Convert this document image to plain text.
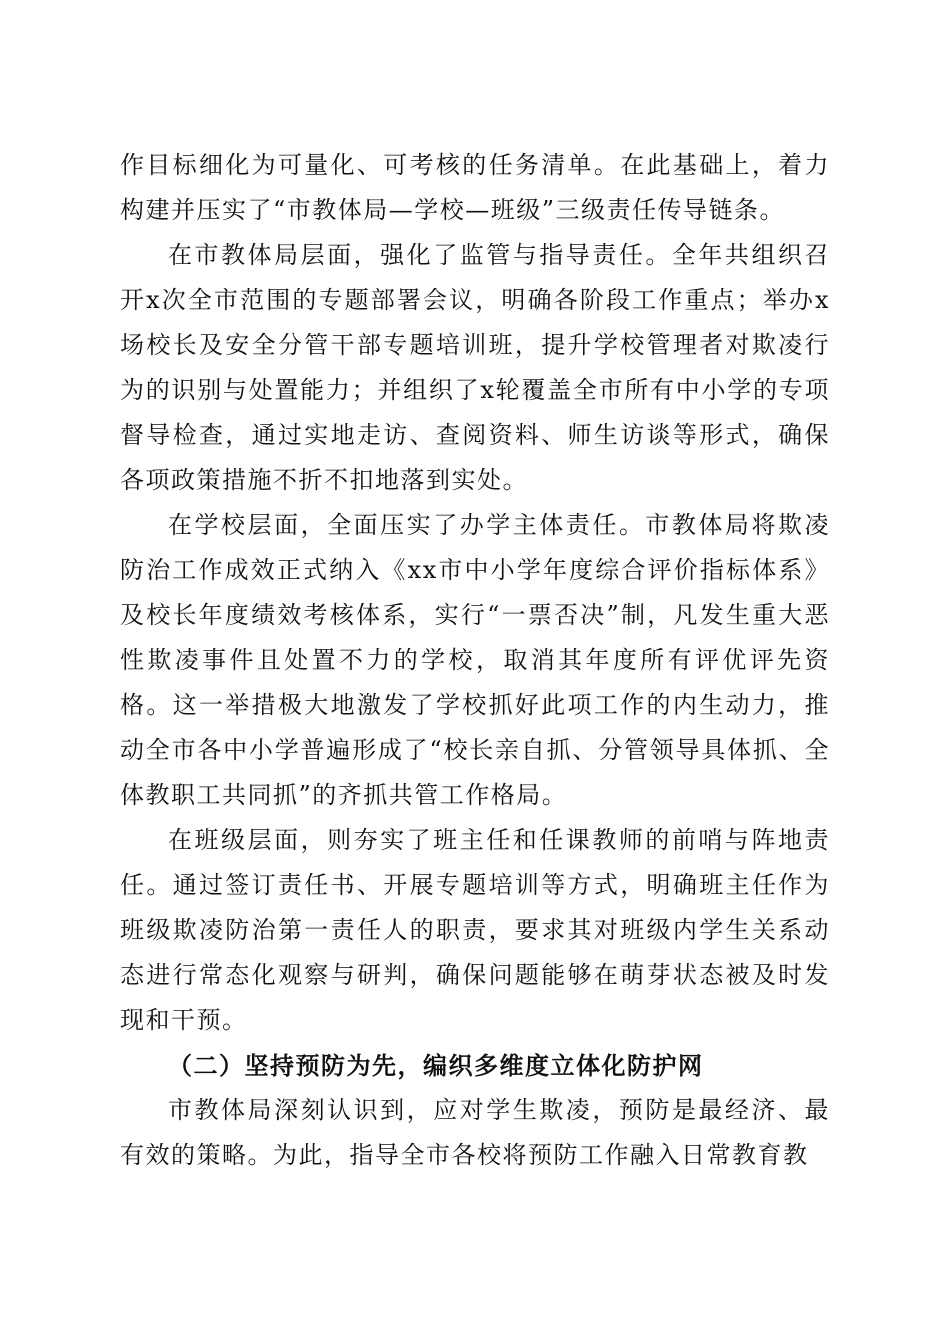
作目标细化为可量化、可考核的任务清单。在此基础上，着力构建并压实了“市教体局—学校—班级”三级责任传导链条。

在市教体局层面，强化了监管与指导责任。全年共组织召开x次全市范围的专题部署会议，明确各阶段工作重点；举办x场校长及安全分管干部专题培训班，提升学校管理者对欺凌行为的识别与处置能力；并组织了x轮覆盖全市所有中小学的专项督导检查，通过实地走访、查阅资料、师生访谈等形式，确保各项政策措施不折不扣地落到实处。

在学校层面，全面压实了办学主体责任。市教体局将欺凌防治工作成效正式纳入《xx市中小学年度综合评价指标体系》及校长年度绩效考核体系，实行“一票否决”制，凡发生重大恶性欺凌事件且处置不力的学校，取消其年度所有评优评先资格。这一举措极大地激发了学校抓好此项工作的内生动力，推动全市各中小学普遍形成了“校长亲自抓、分管领导具体抓、全体教职工共同抓”的齐抓共管工作格局。

在班级层面，则夯实了班主任和任课教师的前哨与阵地责任。通过签订责任书、开展专题培训等方式，明确班主任作为班级欺凌防治第一责任人的职责，要求其对班级内学生关系动态进行常态化观察与研判，确保问题能够在萌芽状态被及时发现和干预。

（二）坚持预防为先，编织多维度立体化防护网

市教体局深刻认识到，应对学生欺凌，预防是最经济、最有效的策略。为此，指导全市各校将预防工作融入日常教育教
